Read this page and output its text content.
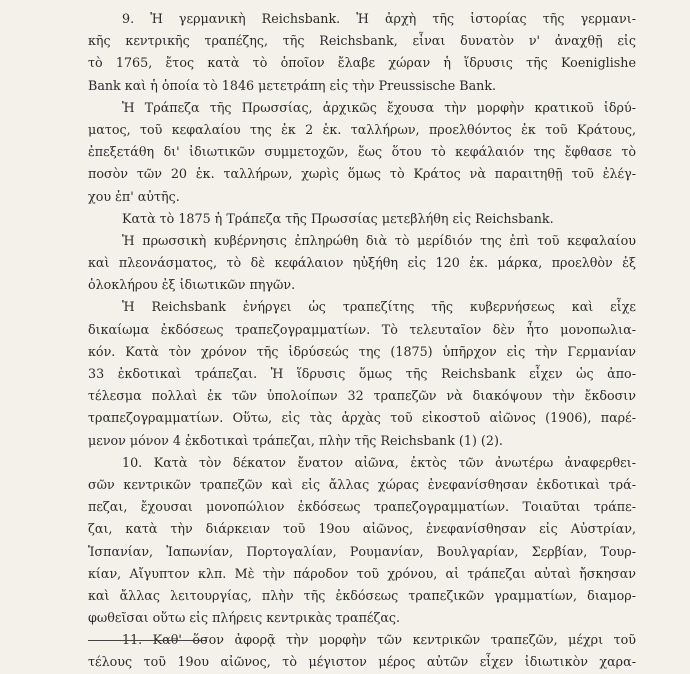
9. Ἡ γερμανικὴ Reichsbank. Ἡ ἀρχὴ τῆς ἱστορίας τῆς γερμανι-
κῆς κεντρικῆς τραπέζης, τῆς Reichsbank, εἶναι δυνατὸν ν' ἀναχθῇ εἰς
τὸ 1765, ἔτος κατὰ τὸ ὁποῖον ἔλαβε χώραν ἡ ἵδρυσις τῆς Koeniglishe
Bank καὶ ἡ ὁποία τὸ 1846 μετετράπη εἰς τὴν Preussische Bank.
Ἡ Τράπεζα τῆς Πρωσσίας, ἀρχικῶς ἔχουσα τὴν μορφὴν κρατικοῦ ἱδρύ-
ματος, τοῦ κεφαλαίου της ἐκ 2 ἑκ. ταλλήρων, προελθόντος ἐκ τοῦ Κράτους,
ἐπεξετάθη δι' ἰδιωτικῶν συμμετοχῶν, ἕως ὅτου τὸ κεφάλαιόν της ἔφθασε τὸ
ποσὸν τῶν 20 ἑκ. ταλλήρων, χωρὶς ὅμως τὸ Κράτος νὰ παραιτηθῇ τοῦ ἐλέγ-
χου ἐπ' αὐτῆς.
Κατὰ τὸ 1875 ἡ Τράπεζα τῆς Πρωσσίας μετεβλήθη εἰς Reichsbank.
Ἡ πρωσσικὴ κυβέρνησις ἐπληρώθη διὰ τὸ μερίδιόν της ἐπὶ τοῦ κεφαλαίου
καὶ πλεονάσματος, τὸ δὲ κεφάλαιον ηὐξήθη εἰς 120 ἑκ. μάρκα, προελθὸν ἐξ
ὁλοκλήρου ἐξ ἰδιωτικῶν πηγῶν.
Ἡ Reichsbank ἐνήργει ὡς τραπεζίτης τῆς κυβερνήσεως καὶ εἶχε
δικαίωμα ἐκδόσεως τραπεζογραμματίων. Τὸ τελευταῖον δὲν ἦτο μονοπωλια-
κόν. Κατὰ τὸν χρόνον τῆς ἱδρύσεώς της (1875) ὑπῆρχον εἰς τὴν Γερμανίαν
33 ἐκδοτικαὶ τράπεζαι. Ἡ ἵδρυσις ὅμως τῆς Reichsbank εἶχεν ὡς ἀπο-
τέλεσμα πολλαὶ ἐκ τῶν ὑπολοίπων 32 τραπεζῶν νὰ διακόψουν τὴν ἔκδοσιν
τραπεζογραμματίων. Οὕτω, εἰς τὰς ἀρχὰς τοῦ εἰκοστοῦ αἰῶνος (1906), παρέ-
μενον μόνον 4 ἐκδοτικαὶ τράπεζαι, πλὴν τῆς Reichsbank (1) (2).
10. Κατὰ τὸν δέκατον ἔνατον αἰῶνα, ἐκτὸς τῶν ἀνωτέρω ἀναφερθει-
σῶν κεντρικῶν τραπεζῶν καὶ εἰς ἄλλας χώρας ἐνεφανίσθησαν ἐκδοτικαὶ τρά-
πεζαι, ἔχουσαι μονοπώλιον ἐκδόσεως τραπεζογραμματίων. Τοιαῦται τράπε-
ζαι, κατὰ τὴν διάρκειαν τοῦ 19ου αἰῶνος, ἐνεφανίσθησαν εἰς Αὐστρίαν,
Ἱσπανίαν, Ἰαπωνίαν, Πορτογαλίαν, Ρουμανίαν, Βουλγαρίαν, Σερβίαν, Τουρ-
κίαν, Αἴγυπτον κλπ. Μὲ τὴν πάροδον τοῦ χρόνου, αἱ τράπεζαι αὐταὶ ἤσκησαν
καὶ ἄλλας λειτουργίας, πλὴν τῆς ἐκδόσεως τραπεζικῶν γραμματίων, διαμορ-
φωθεῖσαι οὕτω εἰς πλήρεις κεντρικὰς τραπέζας.
11. Καθ' ὅσον ἀφορᾷ τὴν μορφὴν τῶν κεντρικῶν τραπεζῶν, μέχρι τοῦ
τέλους τοῦ 19ου αἰῶνος, τὸ μέγιστον μέρος αὐτῶν εἶχεν ἰδιωτικὸν χαρα-
